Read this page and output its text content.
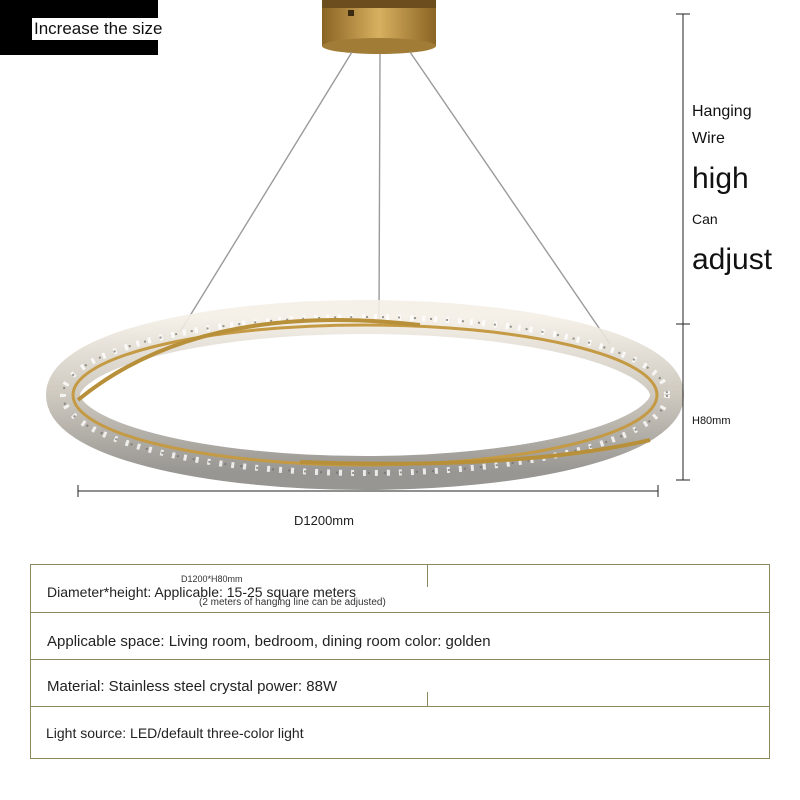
Increase the size
Hanging
Wire
high
Can
adjust
H80mm
D1200mm
D1200*H80mm
Diameter*height: Applicable: 15-25 square meters
(2 meters of hanging line can be adjusted)
Applicable space: Living room, bedroom, dining room color: golden
Material: Stainless steel crystal power: 88W
Light source: LED/default three-color light
